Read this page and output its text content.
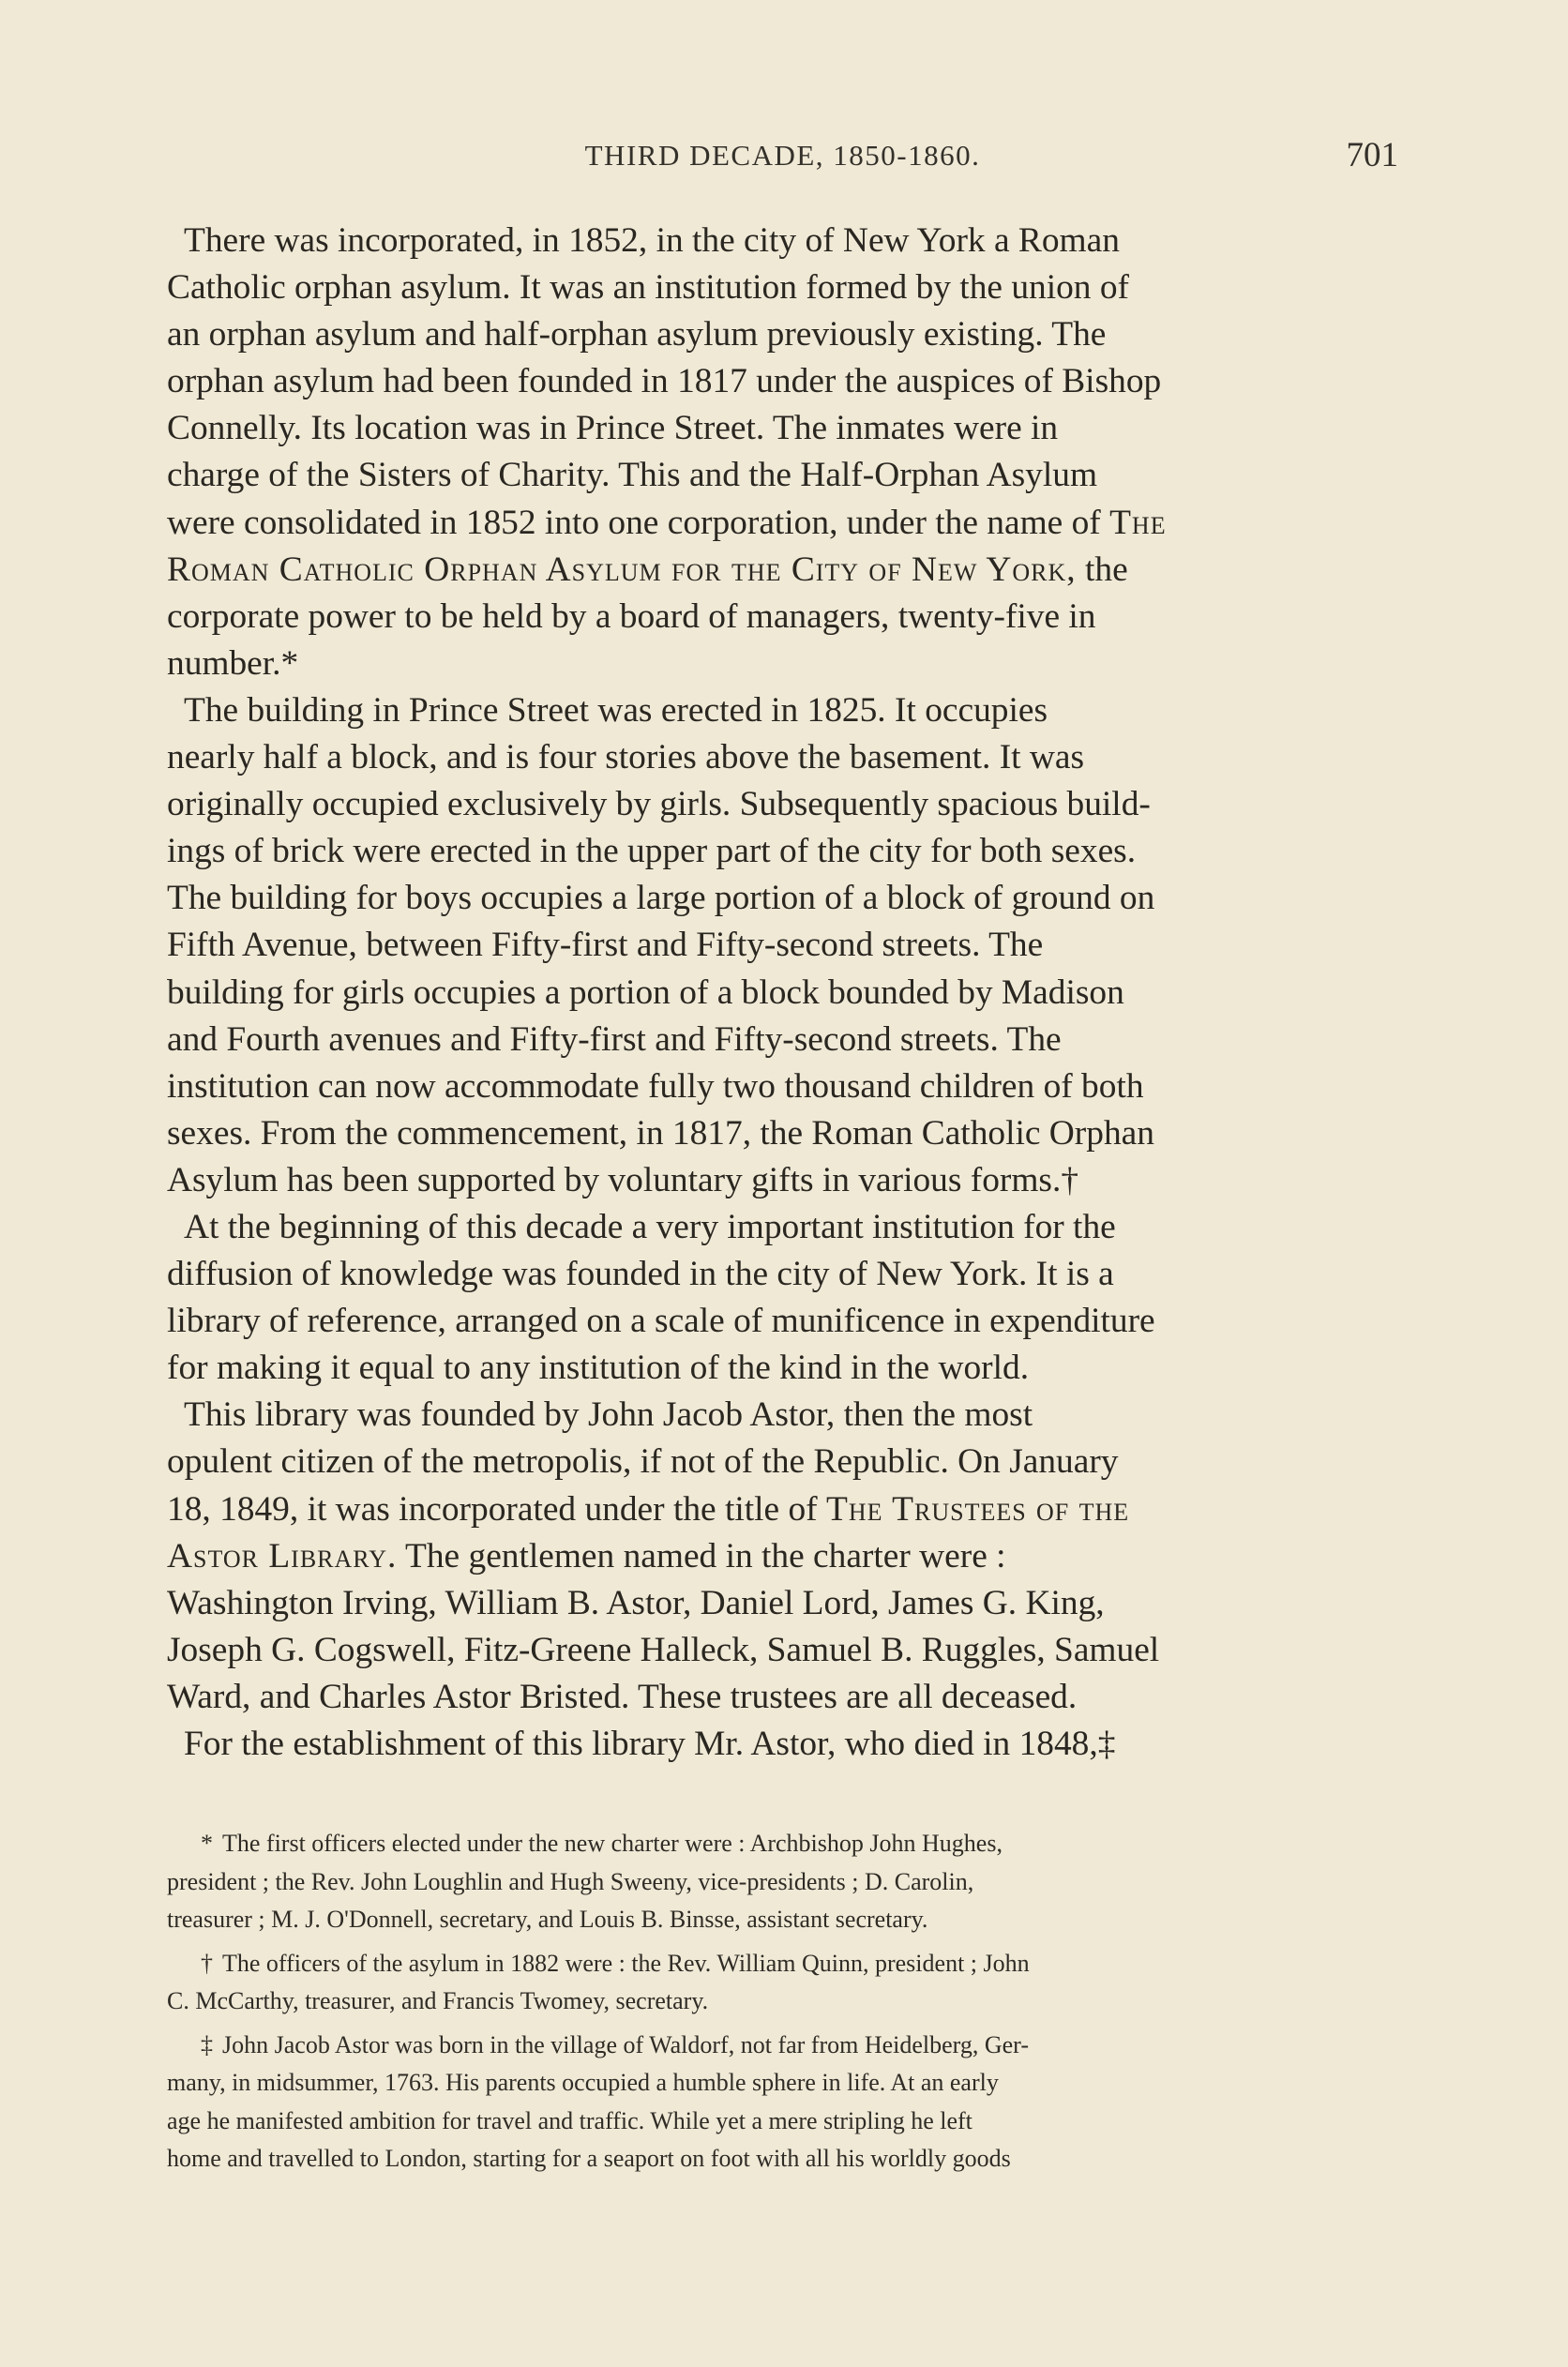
THIRD DECADE, 1850-1860.	701

There was incorporated, in 1852, in the city of New York a Roman
Catholic orphan asylum. It was an institution formed by the union of
an orphan asylum and half-orphan asylum previously existing. The
orphan asylum had been founded in 1817 under the auspices of Bishop
Connelly. Its location was in Prince Street. The inmates were in
charge of the Sisters of Charity. This and the Half-Orphan Asylum
were consolidated in 1852 into one corporation, under the name of The
Roman Catholic Orphan Asylum for the City of New York, the
corporate power to be held by a board of managers, twenty-five in
number.*

The building in Prince Street was erected in 1825. It occupies
nearly half a block, and is four stories above the basement. It was
originally occupied exclusively by girls. Subsequently spacious build-
ings of brick were erected in the upper part of the city for both sexes.
The building for boys occupies a large portion of a block of ground on
Fifth Avenue, between Fifty-first and Fifty-second streets. The
building for girls occupies a portion of a block bounded by Madison
and Fourth avenues and Fifty-first and Fifty-second streets. The
institution can now accommodate fully two thousand children of both
sexes. From the commencement, in 1817, the Roman Catholic Orphan
Asylum has been supported by voluntary gifts in various forms.†

At the beginning of this decade a very important institution for the
diffusion of knowledge was founded in the city of New York. It is a
library of reference, arranged on a scale of munificence in expenditure
for making it equal to any institution of the kind in the world.

This library was founded by John Jacob Astor, then the most
opulent citizen of the metropolis, if not of the Republic. On January
18, 1849, it was incorporated under the title of The Trustees of the
Astor Library. The gentlemen named in the charter were :
Washington Irving, William B. Astor, Daniel Lord, James G. King,
Joseph G. Cogswell, Fitz-Greene Halleck, Samuel B. Ruggles, Samuel
Ward, and Charles Astor Bristed. These trustees are all deceased.

For the establishment of this library Mr. Astor, who died in 1848,‡

* The first officers elected under the new charter were : Archbishop John Hughes,
president ; the Rev. John Loughlin and Hugh Sweeny, vice-presidents ; D. Carolin,
treasurer ; M. J. O'Donnell, secretary, and Louis B. Binsse, assistant secretary.

† The officers of the asylum in 1882 were : the Rev. William Quinn, president ; John
C. McCarthy, treasurer, and Francis Twomey, secretary.

‡ John Jacob Astor was born in the village of Waldorf, not far from Heidelberg, Ger-
many, in midsummer, 1763. His parents occupied a humble sphere in life. At an early
age he manifested ambition for travel and traffic. While yet a mere stripling he left
home and travelled to London, starting for a seaport on foot with all his worldly goods
